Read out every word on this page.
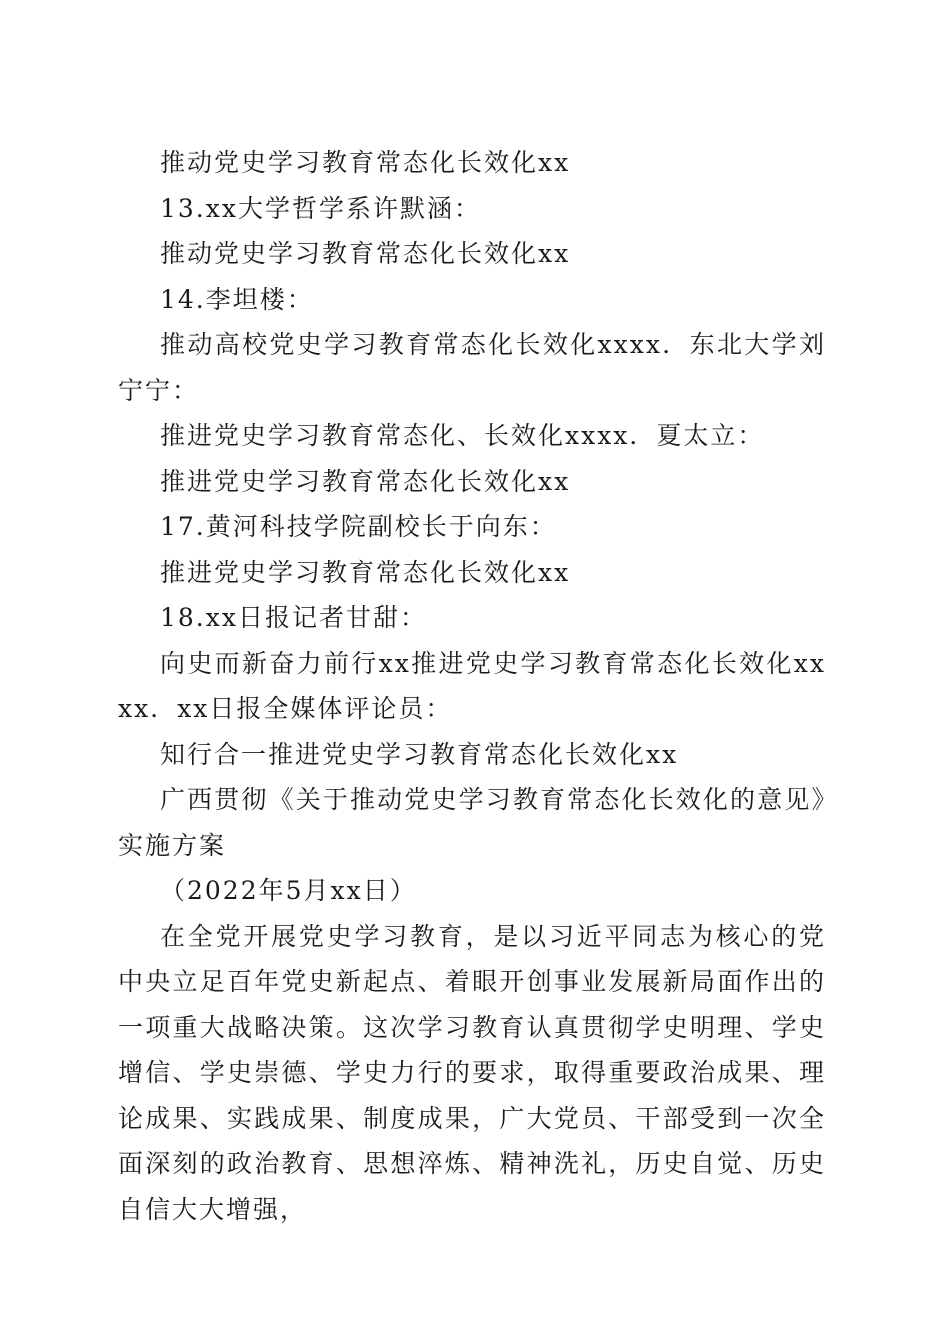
推动党史学习教育常态化长效化xx

13.xx大学哲学系许默涵：

推动党史学习教育常态化长效化xx

14.李坦楼：

推动高校党史学习教育常态化长效化xxxx．东北大学刘宁宁：

推进党史学习教育常态化、长效化xxxx．夏太立：

推进党史学习教育常态化长效化xx

17.黄河科技学院副校长于向东：

推进党史学习教育常态化长效化xx

18.xx日报记者甘甜：

向史而新奋力前行xx推进党史学习教育常态化长效化xxxx．xx日报全媒体评论员：

知行合一推进党史学习教育常态化长效化xx

广西贯彻《关于推动党史学习教育常态化长效化的意见》实施方案

（2022年5月xx日）

在全党开展党史学习教育，是以习近平同志为核心的党中央立足百年党史新起点、着眼开创事业发展新局面作出的一项重大战略决策。这次学习教育认真贯彻学史明理、学史增信、学史崇德、学史力行的要求，取得重要政治成果、理论成果、实践成果、制度成果，广大党员、干部受到一次全面深刻的政治教育、思想淬炼、精神洗礼，历史自觉、历史自信大大增强，
